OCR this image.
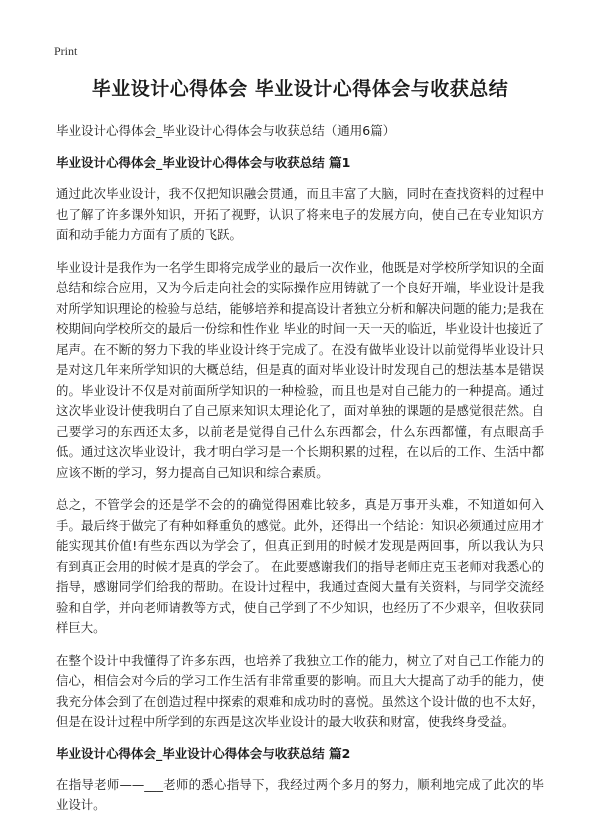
Print
毕业设计心得体会 毕业设计心得体会与收获总结
毕业设计心得体会_毕业设计心得体会与收获总结（通用6篇）
毕业设计心得体会_毕业设计心得体会与收获总结 篇1

通过此次毕业设计，我不仅把知识融会贯通，而且丰富了大脑，同时在查找资料的过程中也了解了许多课外知识，开拓了视野，认识了将来电子的发展方向，使自己在专业知识方面和动手能力方面有了质的飞跃。

毕业设计是我作为一名学生即将完成学业的最后一次作业，他既是对学校所学知识的全面总结和综合应用，又为今后走向社会的实际操作应用铸就了一个良好开端，毕业设计是我对所学知识理论的检验与总结，能够培养和提高设计者独立分析和解决问题的能力;是我在校期间向学校所交的最后一份综和性作业 毕业的时间一天一天的临近，毕业设计也接近了尾声。在不断的努力下我的毕业设计终于完成了。在没有做毕业设计以前觉得毕业设计只是对这几年来所学知识的大概总结，但是真的面对毕业设计时发现自己的想法基本是错误的。毕业设计不仅是对前面所学知识的一种检验，而且也是对自己能力的一种提高。通过这次毕业设计使我明白了自己原来知识太理论化了，面对单独的课题的是感觉很茫然。自己要学习的东西还太多，以前老是觉得自己什么东西都会，什么东西都懂，有点眼高手低。通过这次毕业设计，我才明白学习是一个长期积累的过程，在以后的工作、生活中都应该不断的学习，努力提高自己知识和综合素质。

总之，不管学会的还是学不会的的确觉得困难比较多，真是万事开头难，不知道如何入手。最后终于做完了有种如释重负的感觉。此外，还得出一个结论：知识必须通过应用才能实现其价值!有些东西以为学会了，但真正到用的时候才发现是两回事，所以我认为只有到真正会用的时候才是真的学会了。 在此要感谢我们的指导老师庄克玉老师对我悉心的指导，感谢同学们给我的帮助。在设计过程中，我通过查阅大量有关资料，与同学交流经验和自学，并向老师请教等方式，使自己学到了不少知识，也经历了不少艰辛，但收获同样巨大。

在整个设计中我懂得了许多东西，也培养了我独立工作的能力，树立了对自己工作能力的信心，相信会对今后的学习工作生活有非常重要的影响。而且大大提高了动手的能力，使我充分体会到了在创造过程中探索的艰难和成功时的喜悦。虽然这个设计做的也不太好，但是在设计过程中所学到的东西是这次毕业设计的最大收获和财富，使我终身受益。

毕业设计心得体会_毕业设计心得体会与收获总结 篇2

在指导老师——___老师的悉心指导下，我经过两个多月的努力，顺利地完成了此次的毕业设计。
